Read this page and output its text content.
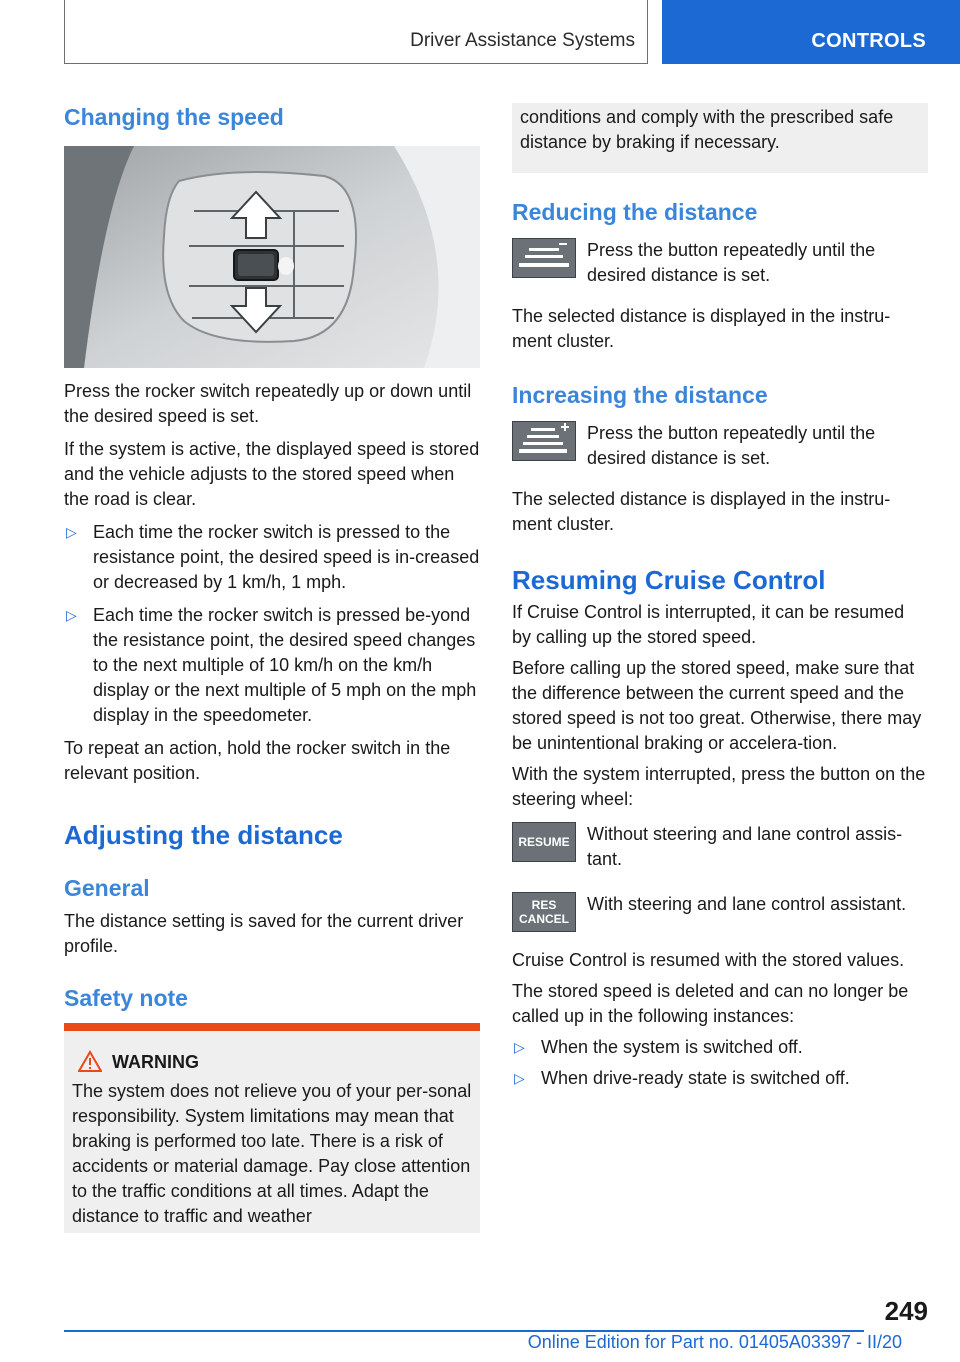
Driver Assistance Systems	CONTROLS
Changing the speed

Press the rocker switch repeatedly up or down until the desired speed is set.

If the system is active, the displayed speed is stored and the vehicle adjusts to the stored speed when the road is clear.

▷ Each time the rocker switch is pressed to the resistance point, the desired speed is in-creased or decreased by 1 km/h, 1 mph.
▷ Each time the rocker switch is pressed be-yond the resistance point, the desired speed changes to the next multiple of 10 km/h on the km/h display or the next multiple of 5 mph on the mph display in the speedometer.

To repeat an action, hold the rocker switch in the relevant position.

Adjusting the distance
General

The distance setting is saved for the current driver profile.

Safety note
WARNING

The system does not relieve you of your per-sonal responsibility. System limitations may mean that braking is performed too late. There is a risk of accidents or material damage. Pay close attention to the traffic conditions at all times. Adapt the distance to traffic and weather

conditions and comply with the prescribed safe distance by braking if necessary.

Reducing the distance
Press the button repeatedly until the desired distance is set.

The selected distance is displayed in the instru-ment cluster.

Increasing the distance
Press the button repeatedly until the desired distance is set.

The selected distance is displayed in the instru-ment cluster.

Resuming Cruise Control

If Cruise Control is interrupted, it can be resumed by calling up the stored speed.

Before calling up the stored speed, make sure that the difference between the current speed and the stored speed is not too great. Otherwise, there may be unintentional braking or accelera-tion.

With the system interrupted, press the button on the steering wheel:

RESUME Without steering and lane control assis-tant.
RES
CANCEL
With steering and lane control assistant.

Cruise Control is resumed with the stored values.

The stored speed is deleted and can no longer be called up in the following instances:

▷ When the system is switched off.
▷ When drive-ready state is switched off.
249
Online Edition for Part no. 01405A03397 - II/20
